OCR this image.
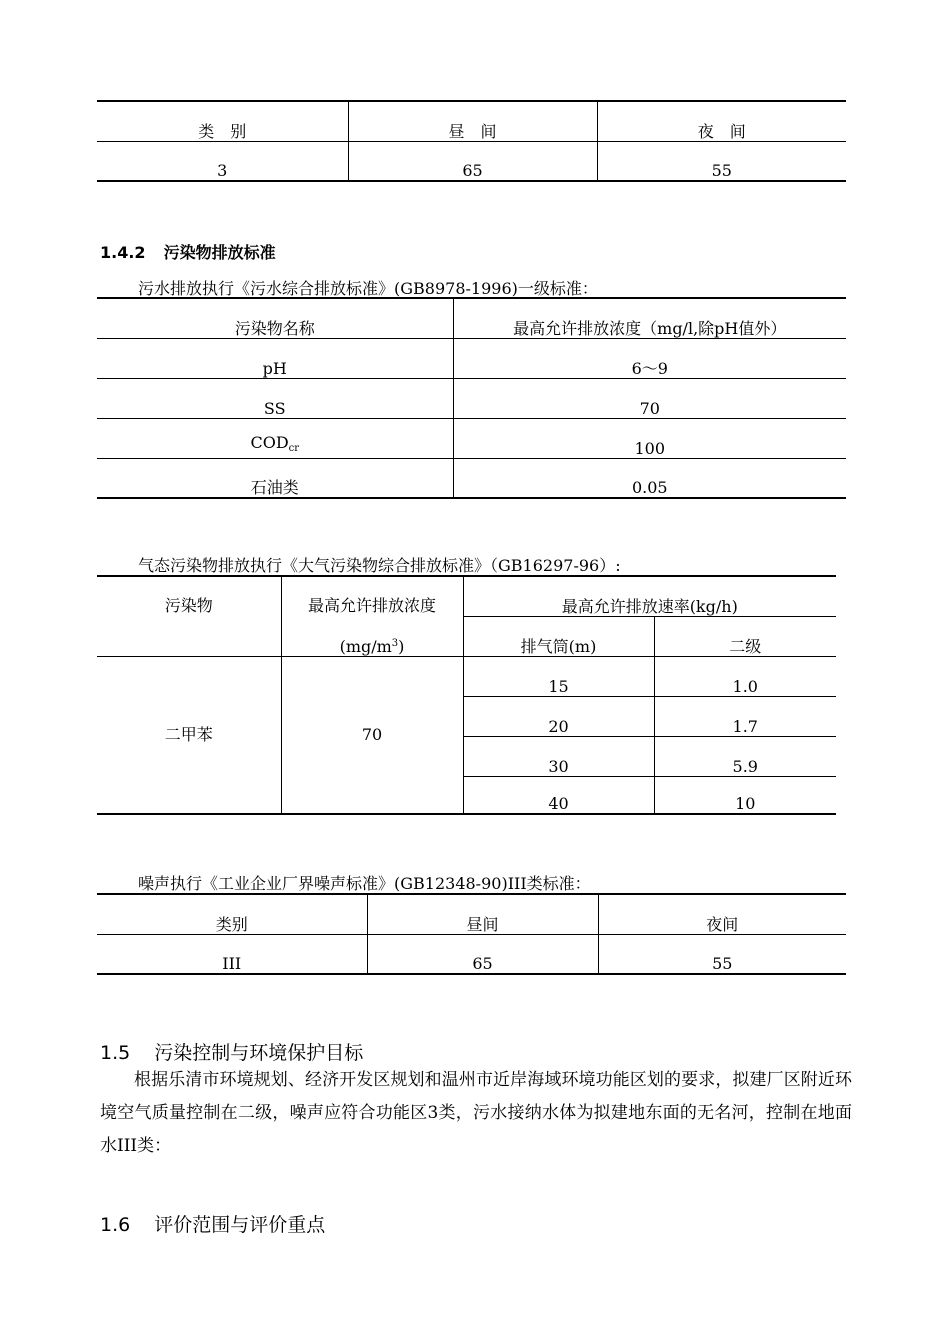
类　别	昼　间	夜　间
3	65	55
1.4.2 污染物排放标准
污水排放执行《污水综合排放标准》(GB8978-1996)一级标准：
污染物名称	最高允许排放浓度（mg/l,除pH值外）
pH	6～9
SS	70
$COD_{cr}$	100
石油类	0.05
气态污染物排放执行《大气污染物综合排放标准》（GB16297-96）:
污染物	最高允许排放浓度	最高允许排放速率(kg/h)	
	$(mg/m^3)$	排气筒(m)	二级
二甲苯	70	15	1.0
		20	1.7
		30	5.9
		40	10
噪声执行《工业企业厂界噪声标准》(GB12348-90)III类标准：
类别	昼间	夜间
III	65	55
1.5 污染控制与环境保护目标

根据乐清市环境规划、经济开发区规划和温州市近岸海域环境功能区划的要求，拟建厂区附近环境空气质量控制在二级，噪声应符合功能区3类，污水接纳水体为拟建地东面的无名河，控制在地面水III类：

1.6 评价范围与评价重点
